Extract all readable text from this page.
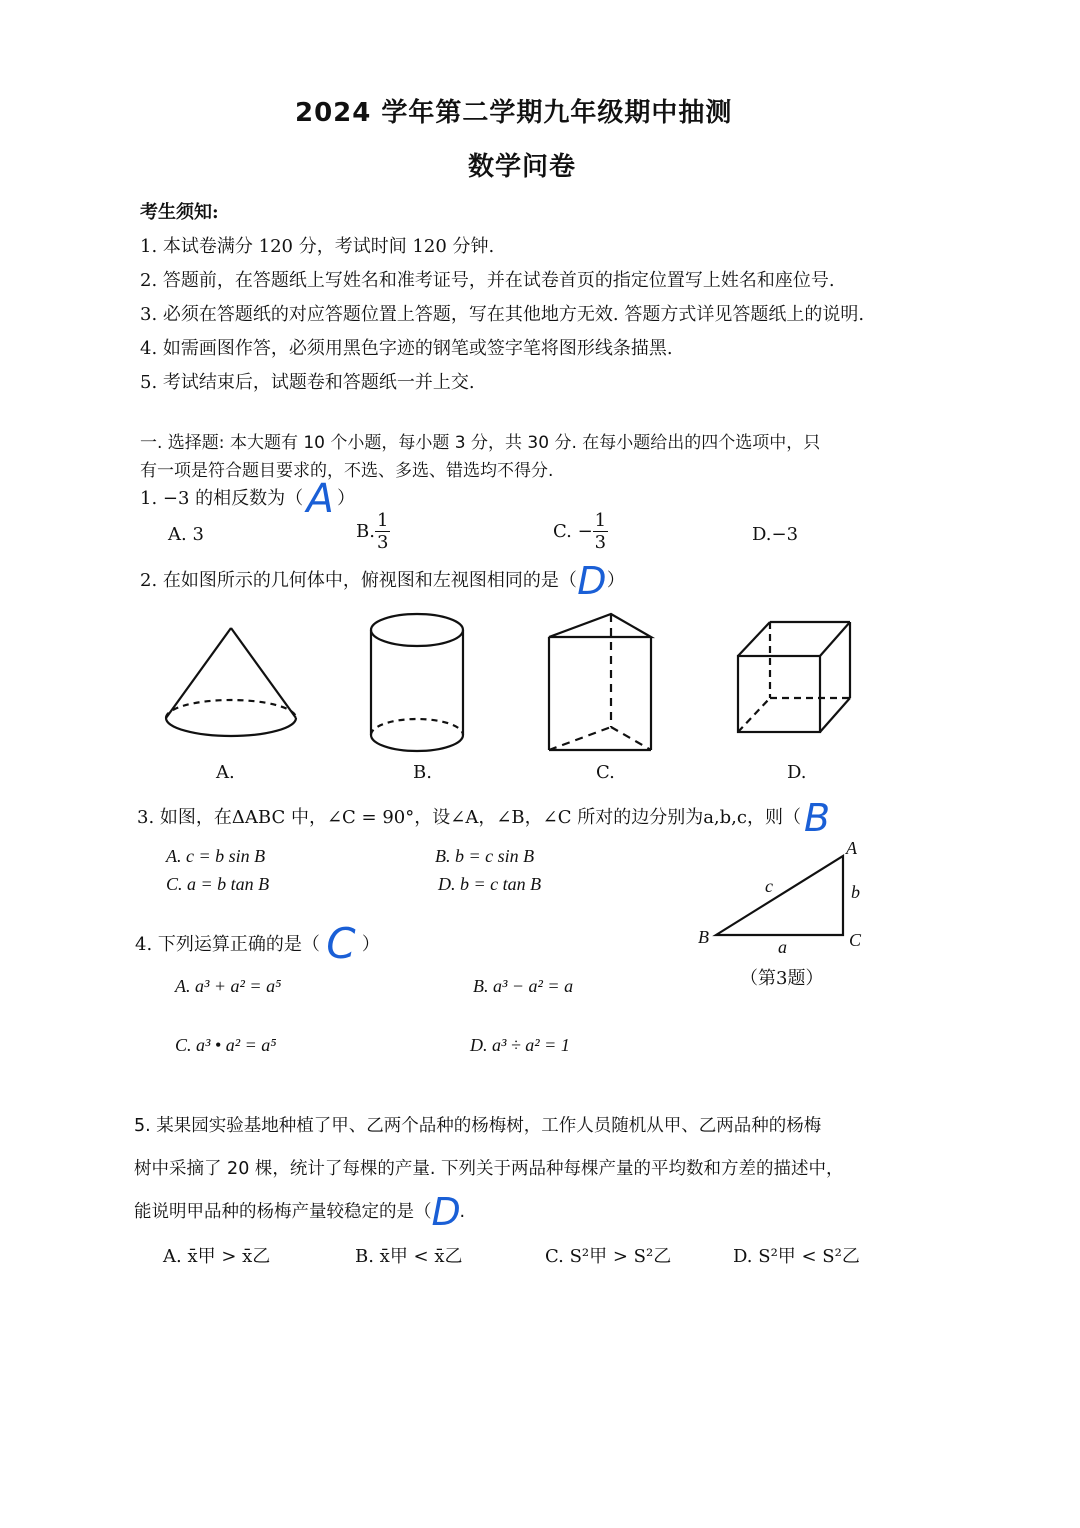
2024 学年第二学期九年级期中抽测
数学问卷
考生须知:
1. 本试卷满分 120 分，考试时间 120 分钟.
2. 答题前，在答题纸上写姓名和准考证号，并在试卷首页的指定位置写上姓名和座位号.
3. 必须在答题纸的对应答题位置上答题，写在其他地方无效. 答题方式详见答题纸上的说明.
4. 如需画图作答，必须用黑色字迹的钢笔或签字笔将图形线条描黑.
5. 考试结束后，试题卷和答题纸一并上交.
一. 选择题: 本大题有 10 个小题，每小题 3 分，共 30 分. 在每小题给出的四个选项中，只
有一项是符合题目要求的，不选、多选、错选均不得分.
1. −3 的相反数为（A ）
A. 3	B. $\frac{1}{3}$	C. − $\frac{1}{3}$	D.−3
2. 在如图所示的几何体中，俯视图和左视图相同的是（D）
A.	B.	C.	D.
3. 如图，在ΔABC 中，∠C = 90°，设∠A，∠B，∠C 所对的边分别为a,b,c，则（B
A. c = b sin B	B. b = c sin B
C. a = b tan B	D. b = c tan B
A
B	C
a
b
c
（第3题）
4. 下列运算正确的是（ C ）
A. a³ + a² = a⁵	B. a³ − a² = a
C. a³ • a² = a⁵	D. a³ ÷ a² = 1
5. 某果园实验基地种植了甲、乙两个品种的杨梅树，工作人员随机从甲、乙两品种的杨梅
树中采摘了 20 棵，统计了每棵的产量. 下列关于两品种每棵产量的平均数和方差的描述中，
能说明甲品种的杨梅产量较稳定的是（D.
A. x̄甲 > x̄乙	B. x̄甲 < x̄乙	C. S²甲 > S²乙	D. S²甲 < S²乙
